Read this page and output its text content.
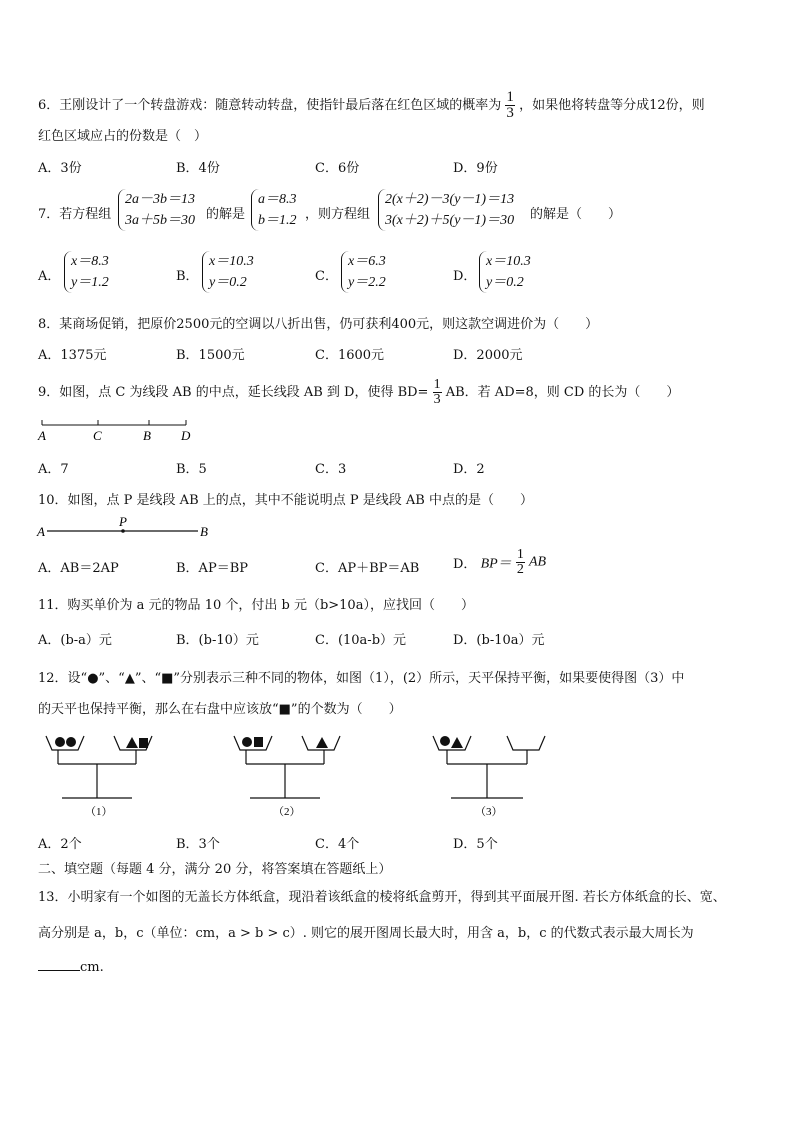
6．王刚设计了一个转盘游戏：随意转动转盘，使指针最后落在红色区域的概率为 $\frac{1}{3}$ ，如果他将转盘等分成12份，则
红色区域应占的份数是（　）
A．3份	B．4份	C．6份	D．9份
7．若方程组
2a－3b＝13
3a＋5b＝30 的解是
a＝8.3
b＝1.2 ，则方程组
2(x＋2)－3(y－1)＝13
3(x＋2)＋5(y－1)＝30 的解是（　　）
A．
x＝8.3
y＝1.2	B．
x＝10.3
y＝0.2	C．
x＝6.3
y＝2.2	D．
x＝10.3
y＝0.2
8．某商场促销，把原价2500元的空调以八折出售，仍可获利400元，则这款空调进价为（　　）
A．1375元	B．1500元	C．1600元	D．2000元
9．如图，点 C 为线段 AB 的中点，延长线段 AB 到 D，使得 $BD= \frac{1}{3}$ AB．若 AD=8，则 CD 的长为（　　）
A	C	B D
A．7	B．5	C．3	D．2
10．如图，点 P 是线段 AB 上的点，其中不能说明点 P 是线段 AB 中点的是（　　）
A
P
B
A．AB＝2AP	B．AP＝BP	C．AP＋BP＝AB	D． $BP= \frac{1}{2}$ AB
11．购买单价为 a 元的物品 10 个，付出 b 元（b>10a），应找回（　　）
A．(b-a）元	B．(b-10）元	C．(10a-b）元	D．(b-10a）元
12．设“●”、“▲”、“■”分别表示三种不同的物体，如图（1），(2）所示，天平保持平衡，如果要使得图（3）中
的天平也保持平衡，那么在右盘中应该放“■”的个数为（　　）
（1）	（2）	（3）
A．2个	B．3个	C．4个	D．5个
二、填空题（每题 4 分，满分 20 分，将答案填在答题纸上）
13．小明家有一个如图的无盖长方体纸盒，现沿着该纸盒的棱将纸盒剪开，得到其平面展开图. 若长方体纸盒的长、宽、
高分别是 a，b，c（单位：cm，a > b > c）. 则它的展开图周长最大时，用含 a，b，c 的代数式表示最大周长为
cm.
